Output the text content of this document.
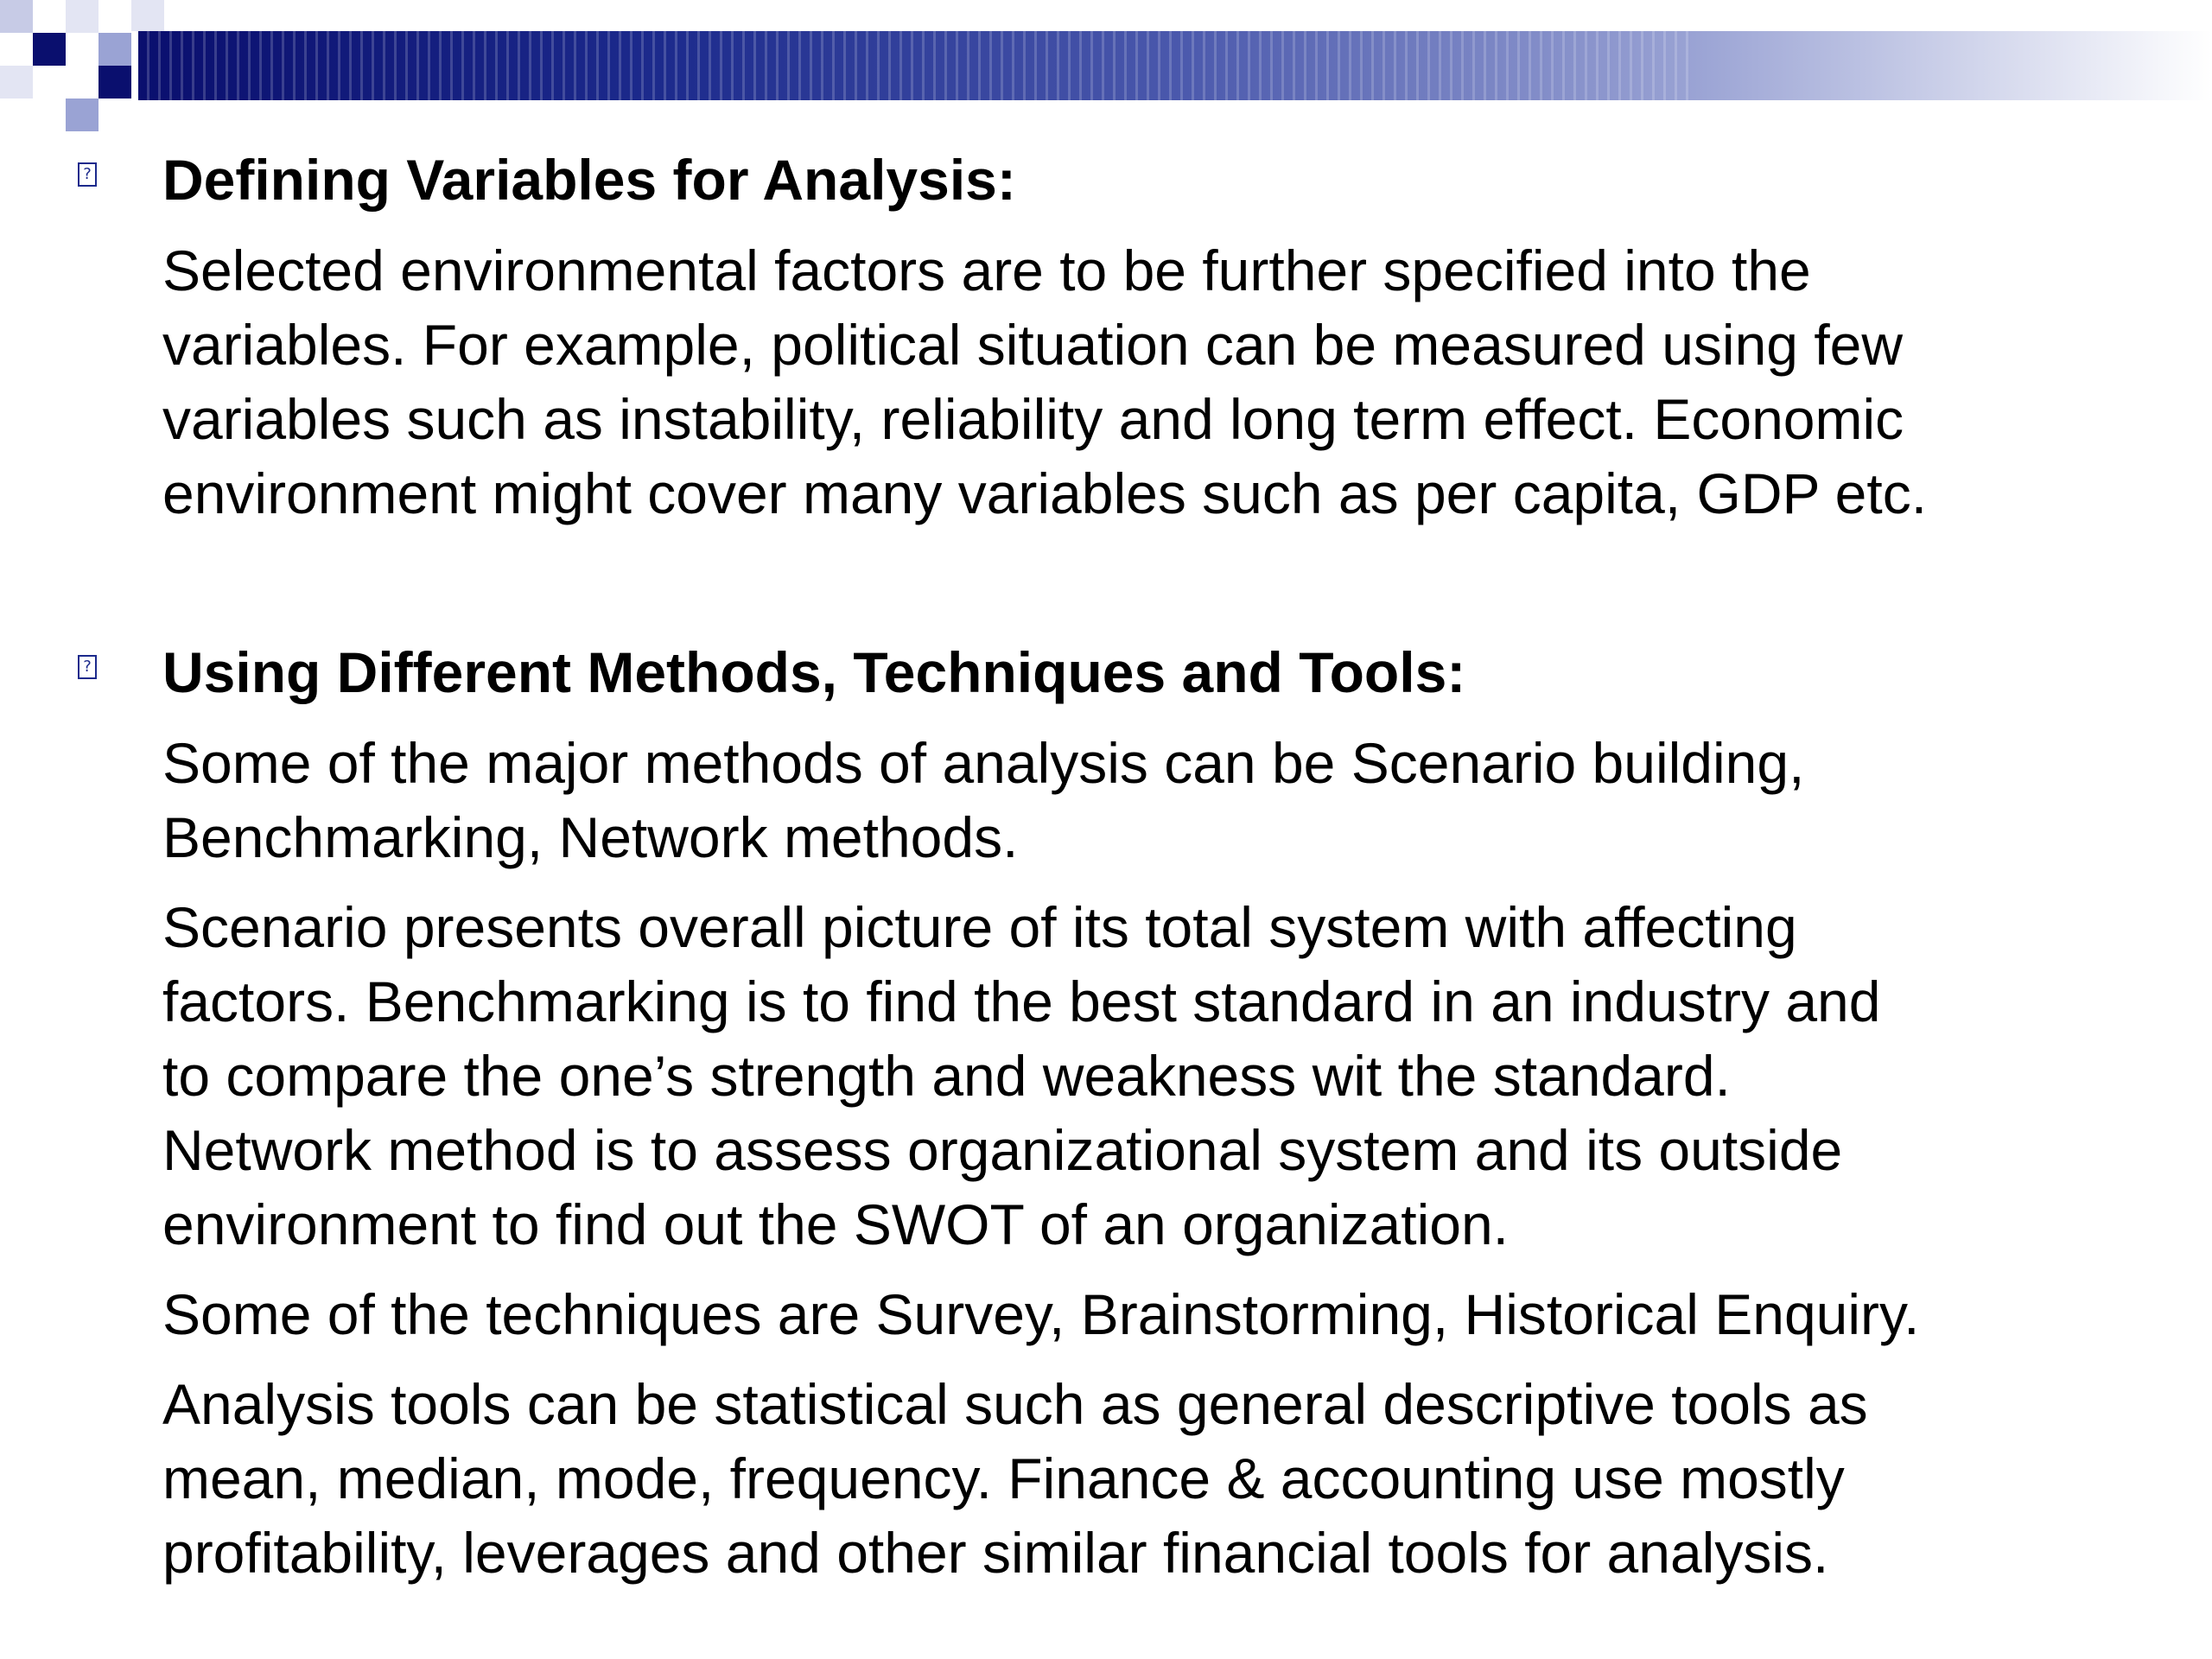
? Defining Variables for Analysis:
Selected environmental factors are to be further specified into the
variables. For example, political situation can be measured using few
variables such as instability, reliability and long term effect. Economic
environment might cover many variables such as per capita, GDP etc.
? Using Different Methods, Techniques and Tools:
Some of the major methods of analysis can be Scenario building,
Benchmarking, Network methods.
Scenario presents overall picture of its total system with affecting
factors. Benchmarking is to find the best standard in an industry and
to compare the one’s strength and weakness wit the standard.
Network method is to assess organizational system and its outside
environment to find out the SWOT of an organization.
Some of the techniques are Survey, Brainstorming, Historical Enquiry.
Analysis tools can be statistical such as general descriptive tools as
mean, median, mode, frequency. Finance & accounting use mostly
profitability, leverages and other similar financial tools for analysis.
